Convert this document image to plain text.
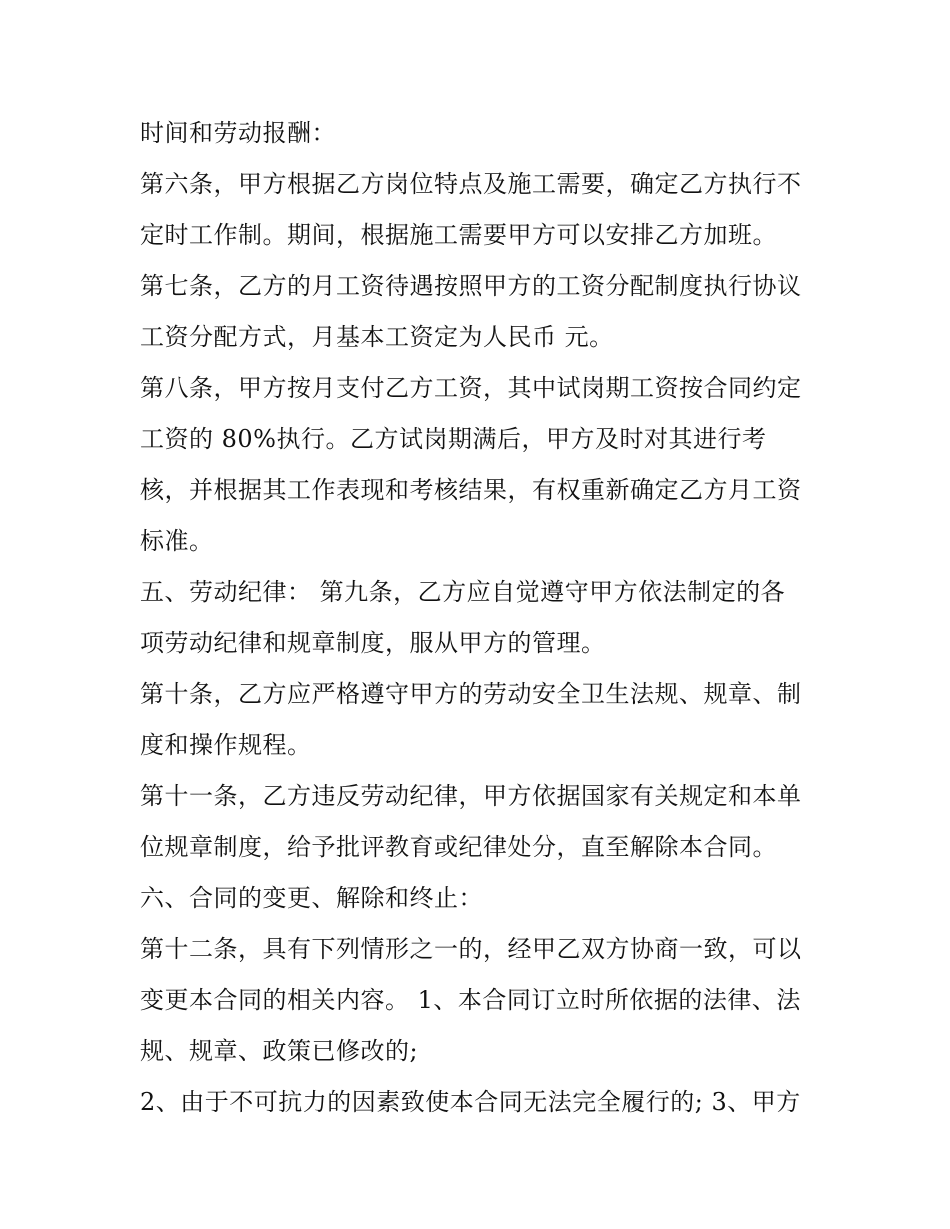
时间和劳动报酬：
第六条，甲方根据乙方岗位特点及施工需要，确定乙方执行不
定时工作制。期间，根据施工需要甲方可以安排乙方加班。
第七条，乙方的月工资待遇按照甲方的工资分配制度执行协议
工资分配方式，月基本工资定为人民币 元。
第八条，甲方按月支付乙方工资，其中试岗期工资按合同约定
工资的 80%执行。乙方试岗期满后，甲方及时对其进行考
核，并根据其工作表现和考核结果，有权重新确定乙方月工资
标准。
五、劳动纪律： 第九条，乙方应自觉遵守甲方依法制定的各
项劳动纪律和规章制度，服从甲方的管理。
第十条，乙方应严格遵守甲方的劳动安全卫生法规、规章、制
度和操作规程。
第十一条，乙方违反劳动纪律，甲方依据国家有关规定和本单
位规章制度，给予批评教育或纪律处分，直至解除本合同。
六、合同的变更、解除和终止：
第十二条，具有下列情形之一的，经甲乙双方协商一致，可以
变更本合同的相关内容。 1、本合同订立时所依据的法律、法
规、规章、政策已修改的;
2、由于不可抗力的因素致使本合同无法完全履行的; 3、甲方
